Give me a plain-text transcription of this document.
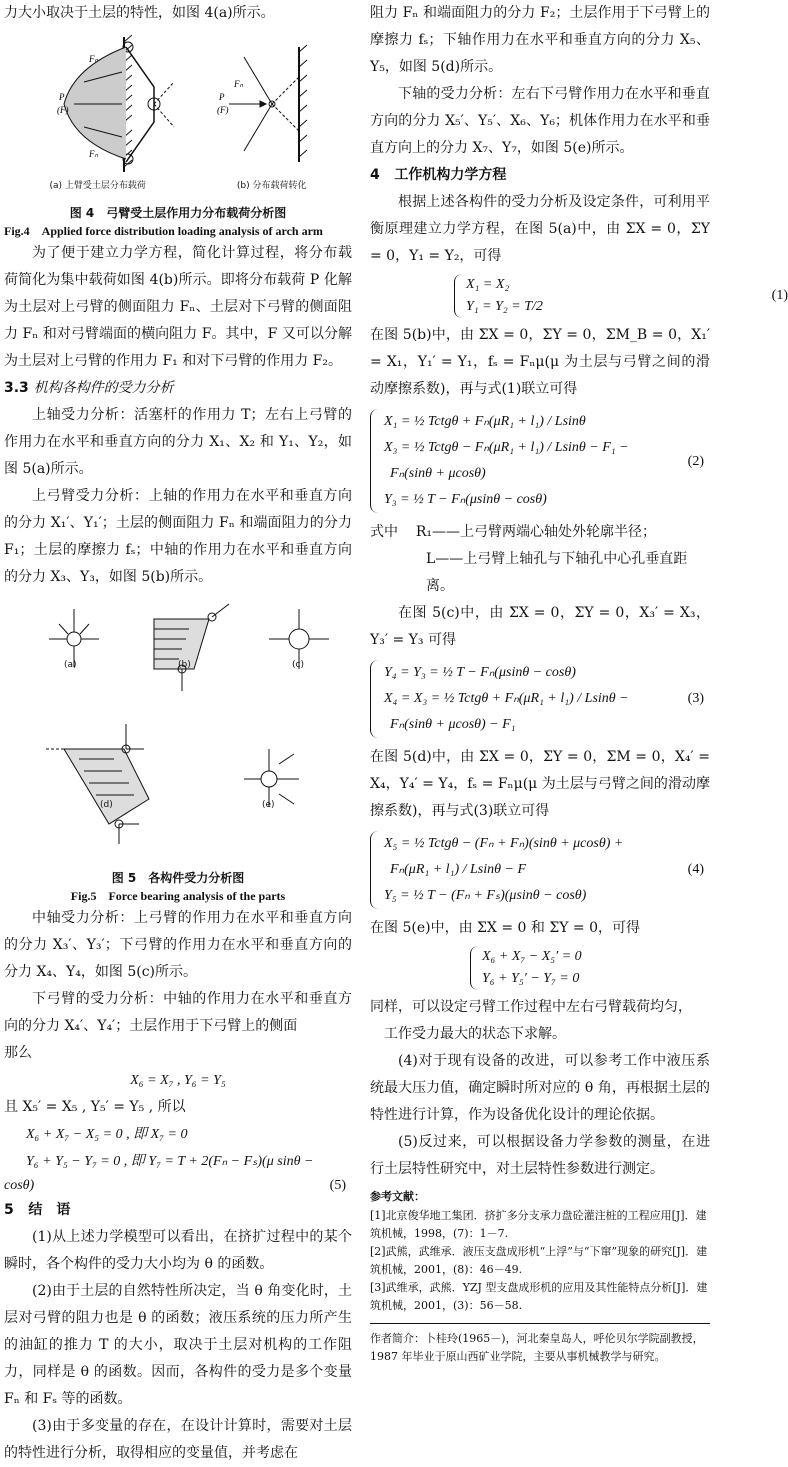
力大小取决于土层的特性，如图 4(a)所示。

P
(F)
Fₙ
Fₙ
Fₙ
P
(F)
(a) 上臂受土层分布载荷	(b) 分布载荷转化

图 4　弓臂受土层作用力分布载荷分析图

Fig.4　Applied force distribution loading analysis of arch arm

为了便于建立力学方程，简化计算过程，将分布载荷简化为集中载荷如图 4(b)所示。即将分布载荷 P 化解为土层对上弓臂的侧面阻力 Fₙ、土层对下弓臂的侧面阻力 Fₙ 和对弓臂端面的横向阻力 F。其中，F 又可以分解为土层对上弓臂的作用力 F₁ 和对下弓臂的作用力 F₂。

3.3 机构各构件的受力分析

上轴受力分析：活塞杆的作用力 T；左右上弓臂的作用力在水平和垂直方向的分力 X₁、X₂ 和 Y₁、Y₂，如图 5(a)所示。

上弓臂受力分析：上轴的作用力在水平和垂直方向的分力 X₁′、Y₁′；土层的侧面阻力 Fₙ 和端面阻力的分力 F₁；土层的摩擦力 fₛ；中轴的作用力在水平和垂直方向的分力 X₃、Y₃，如图 5(b)所示。

图 5　各构件受力分析图

Fig.5　Force bearing analysis of the parts

中轴受力分析：上弓臂的作用力在水平和垂直方向的分力 X₃′、Y₃′；下弓臂的作用力在水平和垂直方向的分力 X₄、Y₄，如图 5(c)所示。

下弓臂的受力分析：中轴的作用力在水平和垂直方向的分力 X₄′、Y₄′；土层作用于下弓臂上的侧面

那么

X₆ = X₇ , Y₆ = Y₅

且 X₅′ = X₅ , Y₅′ = Y₅ , 所以

X₆ + X₇ − X₅ = 0 , 即 X₇ = 0

Y₆ + Y₅ − Y₇ = 0 , 即 Y₇ = T + 2(Fₙ − Fₛ)(μ sinθ −

cosθ)	(5)

5 结　语

(1)从上述力学模型可以看出，在挤扩过程中的某个瞬时，各个构件的受力大小均为 θ 的函数。

(2)由于土层的自然特性所决定，当 θ 角变化时，土层对弓臂的阻力也是 θ 的函数；液压系统的压力所产生的油缸的推力 T 的大小，取决于土层对机构的工作阻力，同样是 θ 的函数。因而，各构件的受力是多个变量 Fₙ 和 Fₛ 等的函数。

(3)由于多变量的存在，在设计计算时，需要对土层的特性进行分析，取得相应的变量值，并考虑在

(a)	(b)	(c)
(d)	(e)

阻力 Fₙ 和端面阻力的分力 F₂；土层作用于下弓臂上的摩擦力 fₛ；下轴作用力在水平和垂直方向的分力 X₅、Y₅，如图 5(d)所示。

下轴的受力分析：左右下弓臂作用力在水平和垂直方向的分力 X₅′、Y₅′、X₆、Y₆；机体作用力在水平和垂直方向上的分力 X₇、Y₇，如图 5(e)所示。

4 工作机构力学方程

根据上述各构件的受力分析及设定条件，可利用平衡原理建立力学方程，在图 5(a)中，由 ΣX = 0，ΣY = 0，Y₁ = Y₂，可得

X₁ = X₂
Y₁ = Y₂ = T/2
(1)

在图 5(b)中，由 ΣX = 0，ΣY = 0，ΣM_B = 0，X₁′ = X₁，Y₁′ = Y₁，fₛ = Fₙμ(μ 为土层与弓臂之间的滑动摩擦系数)，再与式(1)联立可得

X₁ = ½ Tctgθ + Fₙ(μR₁ + l₁) / Lsinθ
X₃ = ½ Tctgθ − Fₙ(μR₁ + l₁) / Lsinθ − F₁ −
Fₙ(sinθ + μcosθ)
Y₃ = ½ T − Fₙ(μsinθ − cosθ)
(2)

式中 R₁——上弓臂两端心轴处外轮廓半径；

L——上弓臂上轴孔与下轴孔中心孔垂直距离。

在图 5(c)中，由 ΣX = 0，ΣY = 0，X₃′ = X₃，Y₃′ = Y₃ 可得

Y₄ = Y₃ = ½ T − Fₙ(μsinθ − cosθ)
X₄ = X₃ = ½ Tctgθ + Fₙ(μR₁ + l₁) / Lsinθ −
Fₙ(sinθ + μcosθ) − F₁
(3)

在图 5(d)中，由 ΣX = 0，ΣY = 0，ΣM = 0，X₄′ = X₄，Y₄′ = Y₄，fₛ = Fₙμ(μ 为土层与弓臂之间的滑动摩擦系数)，再与式(3)联立可得

X₅ = ½ Tctgθ − (Fₙ + Fₙ)(sinθ + μcosθ) +
Fₙ(μR₁ + l₁) / Lsinθ − F
Y₅ = ½ T − (Fₙ + Fₛ)(μsinθ − cosθ)
(4)

在图 5(e)中，由 ΣX = 0 和 ΣY = 0，可得

X₆ + X₇ − X₅′ = 0
Y₆ + Y₅′ − Y₇ = 0

同样，可以设定弓臂工作过程中左右弓臂载荷均匀，

工作受力最大的状态下求解。

(4)对于现有设备的改进，可以参考工作中液压系统最大压力值，确定瞬时所对应的 θ 角，再根据土层的特性进行计算，作为设备优化设计的理论依据。

(5)反过来，可以根据设备力学参数的测量，在进行土层特性研究中，对土层特性参数进行测定。

参考文献：

[1]北京俊华地工集团．挤扩多分支承力盘砼灌注桩的工程应用[J]．建筑机械，1998，(7)：1－7.

[2]武熊，武维承．液压支盘成形机“上浮”与“下窜”现象的研究[J]．建筑机械，2001，(8)：46－49.

[3]武维承，武熊．YZJ 型支盘成形机的应用及其性能特点分析[J]．建筑机械，2001，(3)：56－58.

作者简介：卜桂玲(1965－)，河北秦皇岛人，呼伦贝尔学院副教授，1987 年毕业于原山西矿业学院，主要从事机械教学与研究。
